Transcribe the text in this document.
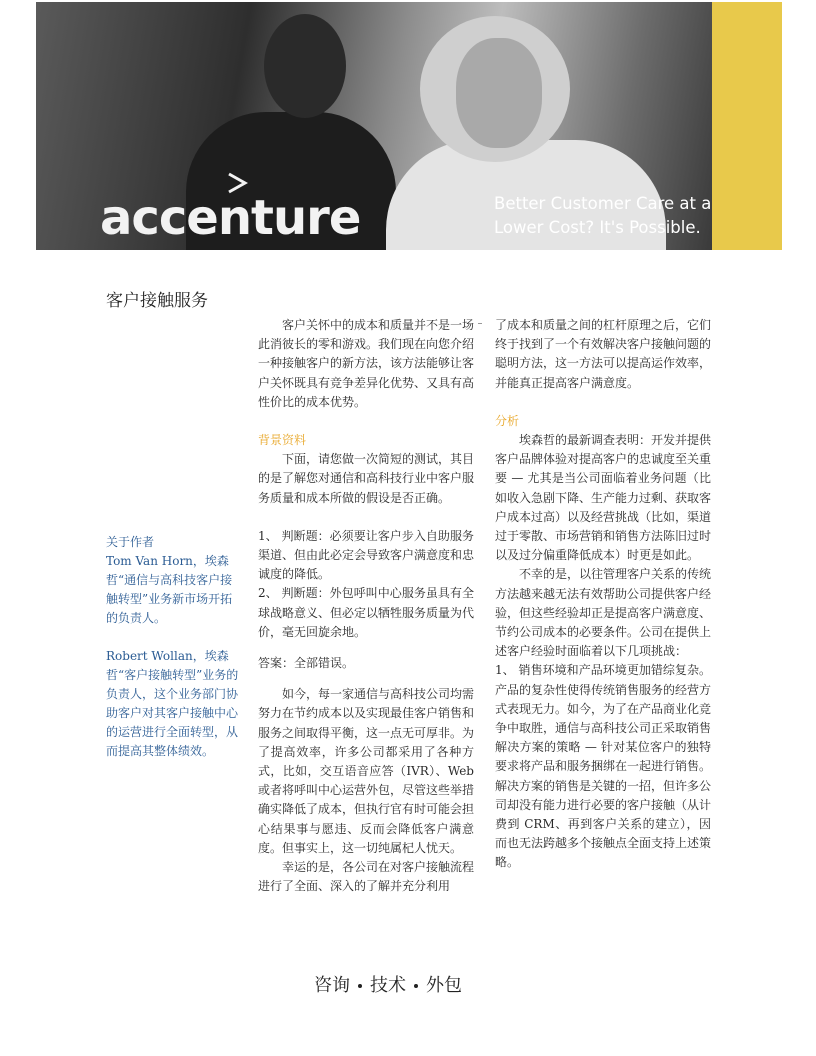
accenture	Better Customer Care at a Lower Cost? It's Possible.
客户接触服务

关于作者

Tom Van Horn，埃森哲“通信与高科技客户接触转型”业务新市场开拓的负责人。

Robert Wollan，埃森哲“客户接触转型”业务的负责人，这个业务部门协助客户对其客户接触中心的运营进行全面转型，从而提高其整体绩效。

客户关怀中的成本和质量并不是一场此消彼长的零和游戏。我们现在向您介绍一种接触客户的新方法，该方法能够让客户关怀既具有竞争差异化优势、又具有高性价比的成本优势。

背景资料

下面，请您做一次简短的测试，其目的是了解您对通信和高科技行业中客户服务质量和成本所做的假设是否正确。

1、 判断题：必须要让客户步入自助服务渠道、但由此必定会导致客户满意度和忠诚度的降低。

2、 判断题：外包呼叫中心服务虽具有全球战略意义、但必定以牺牲服务质量为代价，毫无回旋余地。

答案：全部错误。

如今，每一家通信与高科技公司均需努力在节约成本以及实现最佳客户销售和服务之间取得平衡，这一点无可厚非。为了提高效率，许多公司都采用了各种方式，比如，交互语音应答（IVR）、Web 或者将呼叫中心运营外包，尽管这些举措确实降低了成本，但执行官有时可能会担心结果事与愿违、反而会降低客户满意度。但事实上，这一切纯属杞人忧天。

幸运的是，各公司在对客户接触流程进行了全面、深入的了解并充分利用

了成本和质量之间的杠杆原理之后，它们终于找到了一个有效解决客户接触问题的聪明方法，这一方法可以提高运作效率，并能真正提高客户满意度。

分析

埃森哲的最新调查表明：开发并提供客户品牌体验对提高客户的忠诚度至关重要 — 尤其是当公司面临着业务问题（比如收入急剧下降、生产能力过剩、获取客户成本过高）以及经营挑战（比如，渠道过于零散、市场营销和销售方法陈旧过时以及过分偏重降低成本）时更是如此。

不幸的是，以往管理客户关系的传统方法越来越无法有效帮助公司提供客户经验，但这些经验却正是提高客户满意度、节约公司成本的必要条件。公司在提供上述客户经验时面临着以下几项挑战：

1、 销售环境和产品环境更加错综复杂。产品的复杂性使得传统销售服务的经营方式表现无力。如今，为了在产品商业化竞争中取胜，通信与高科技公司正采取销售解决方案的策略 — 针对某位客户的独特要求将产品和服务捆绑在一起进行销售。解决方案的销售是关键的一招，但许多公司却没有能力进行必要的客户接触（从计费到 CRM、再到客户关系的建立），因而也无法跨越多个接触点全面支持上述策略。

咨询 技术 外包
